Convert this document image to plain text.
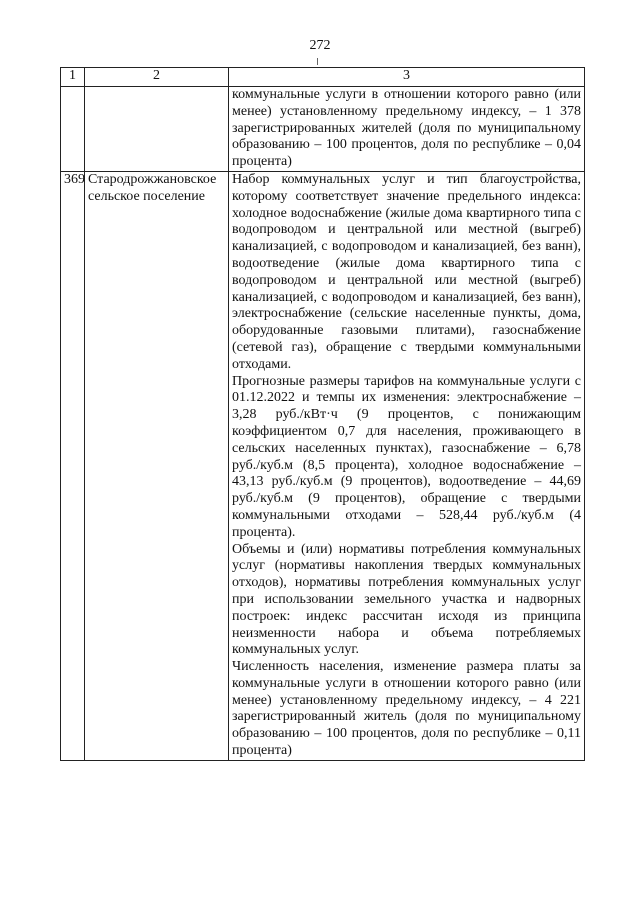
272
1	2	3
		коммунальные услуги в отношении которого равно (или менее) установленному предельному индексу, – 1 378 зарегистрированных жителей (доля по муниципальному образованию – 100 процентов, доля по республике – 0,04 процента)
369	Стародрожжановское сельское поселение	Набор коммунальных услуг и тип благоустройства, которому соответствует значение предельного индекса: холодное водоснабжение (жилые дома квартирного типа с водопроводом и центральной или местной (выгреб) канализацией, с водопроводом и канализацией, без ванн), водоотведение (жилые дома квартирного типа с водопроводом и центральной или местной (выгреб) канализацией, с водопроводом и канализацией, без ванн), электроснабжение (сельские населенные пункты, дома, оборудованные газовыми плитами), газоснабжение (сетевой газ), обращение с твердыми коммунальными отходами.

Прогнозные размеры тарифов на коммунальные услуги с 01.12.2022 и темпы их изменения: электроснабжение – 3,28 руб./кВт·ч (9 процентов, с понижающим коэффициентом 0,7 для населения, проживающего в сельских населенных пунктах), газоснабжение – 6,78 руб./куб.м (8,5 процента), холодное водоснабжение – 43,13 руб./куб.м (9 процентов), водоотведение – 44,69 руб./куб.м (9 процентов), обращение с твердыми коммунальными отходами – 528,44 руб./куб.м (4 процента).

Объемы и (или) нормативы потребления коммунальных услуг (нормативы накопления твердых коммунальных отходов), нормативы потребления коммунальных услуг при использовании земельного участка и надворных построек: индекс рассчитан исходя из принципа неизменности набора и объема потребляемых коммунальных услуг.

Численность населения, изменение размера платы за коммунальные услуги в отношении которого равно (или менее) установленному предельному индексу, – 4 221 зарегистрированный житель (доля по муниципальному образованию – 100 процентов, доля по республике – 0,11 процента)
